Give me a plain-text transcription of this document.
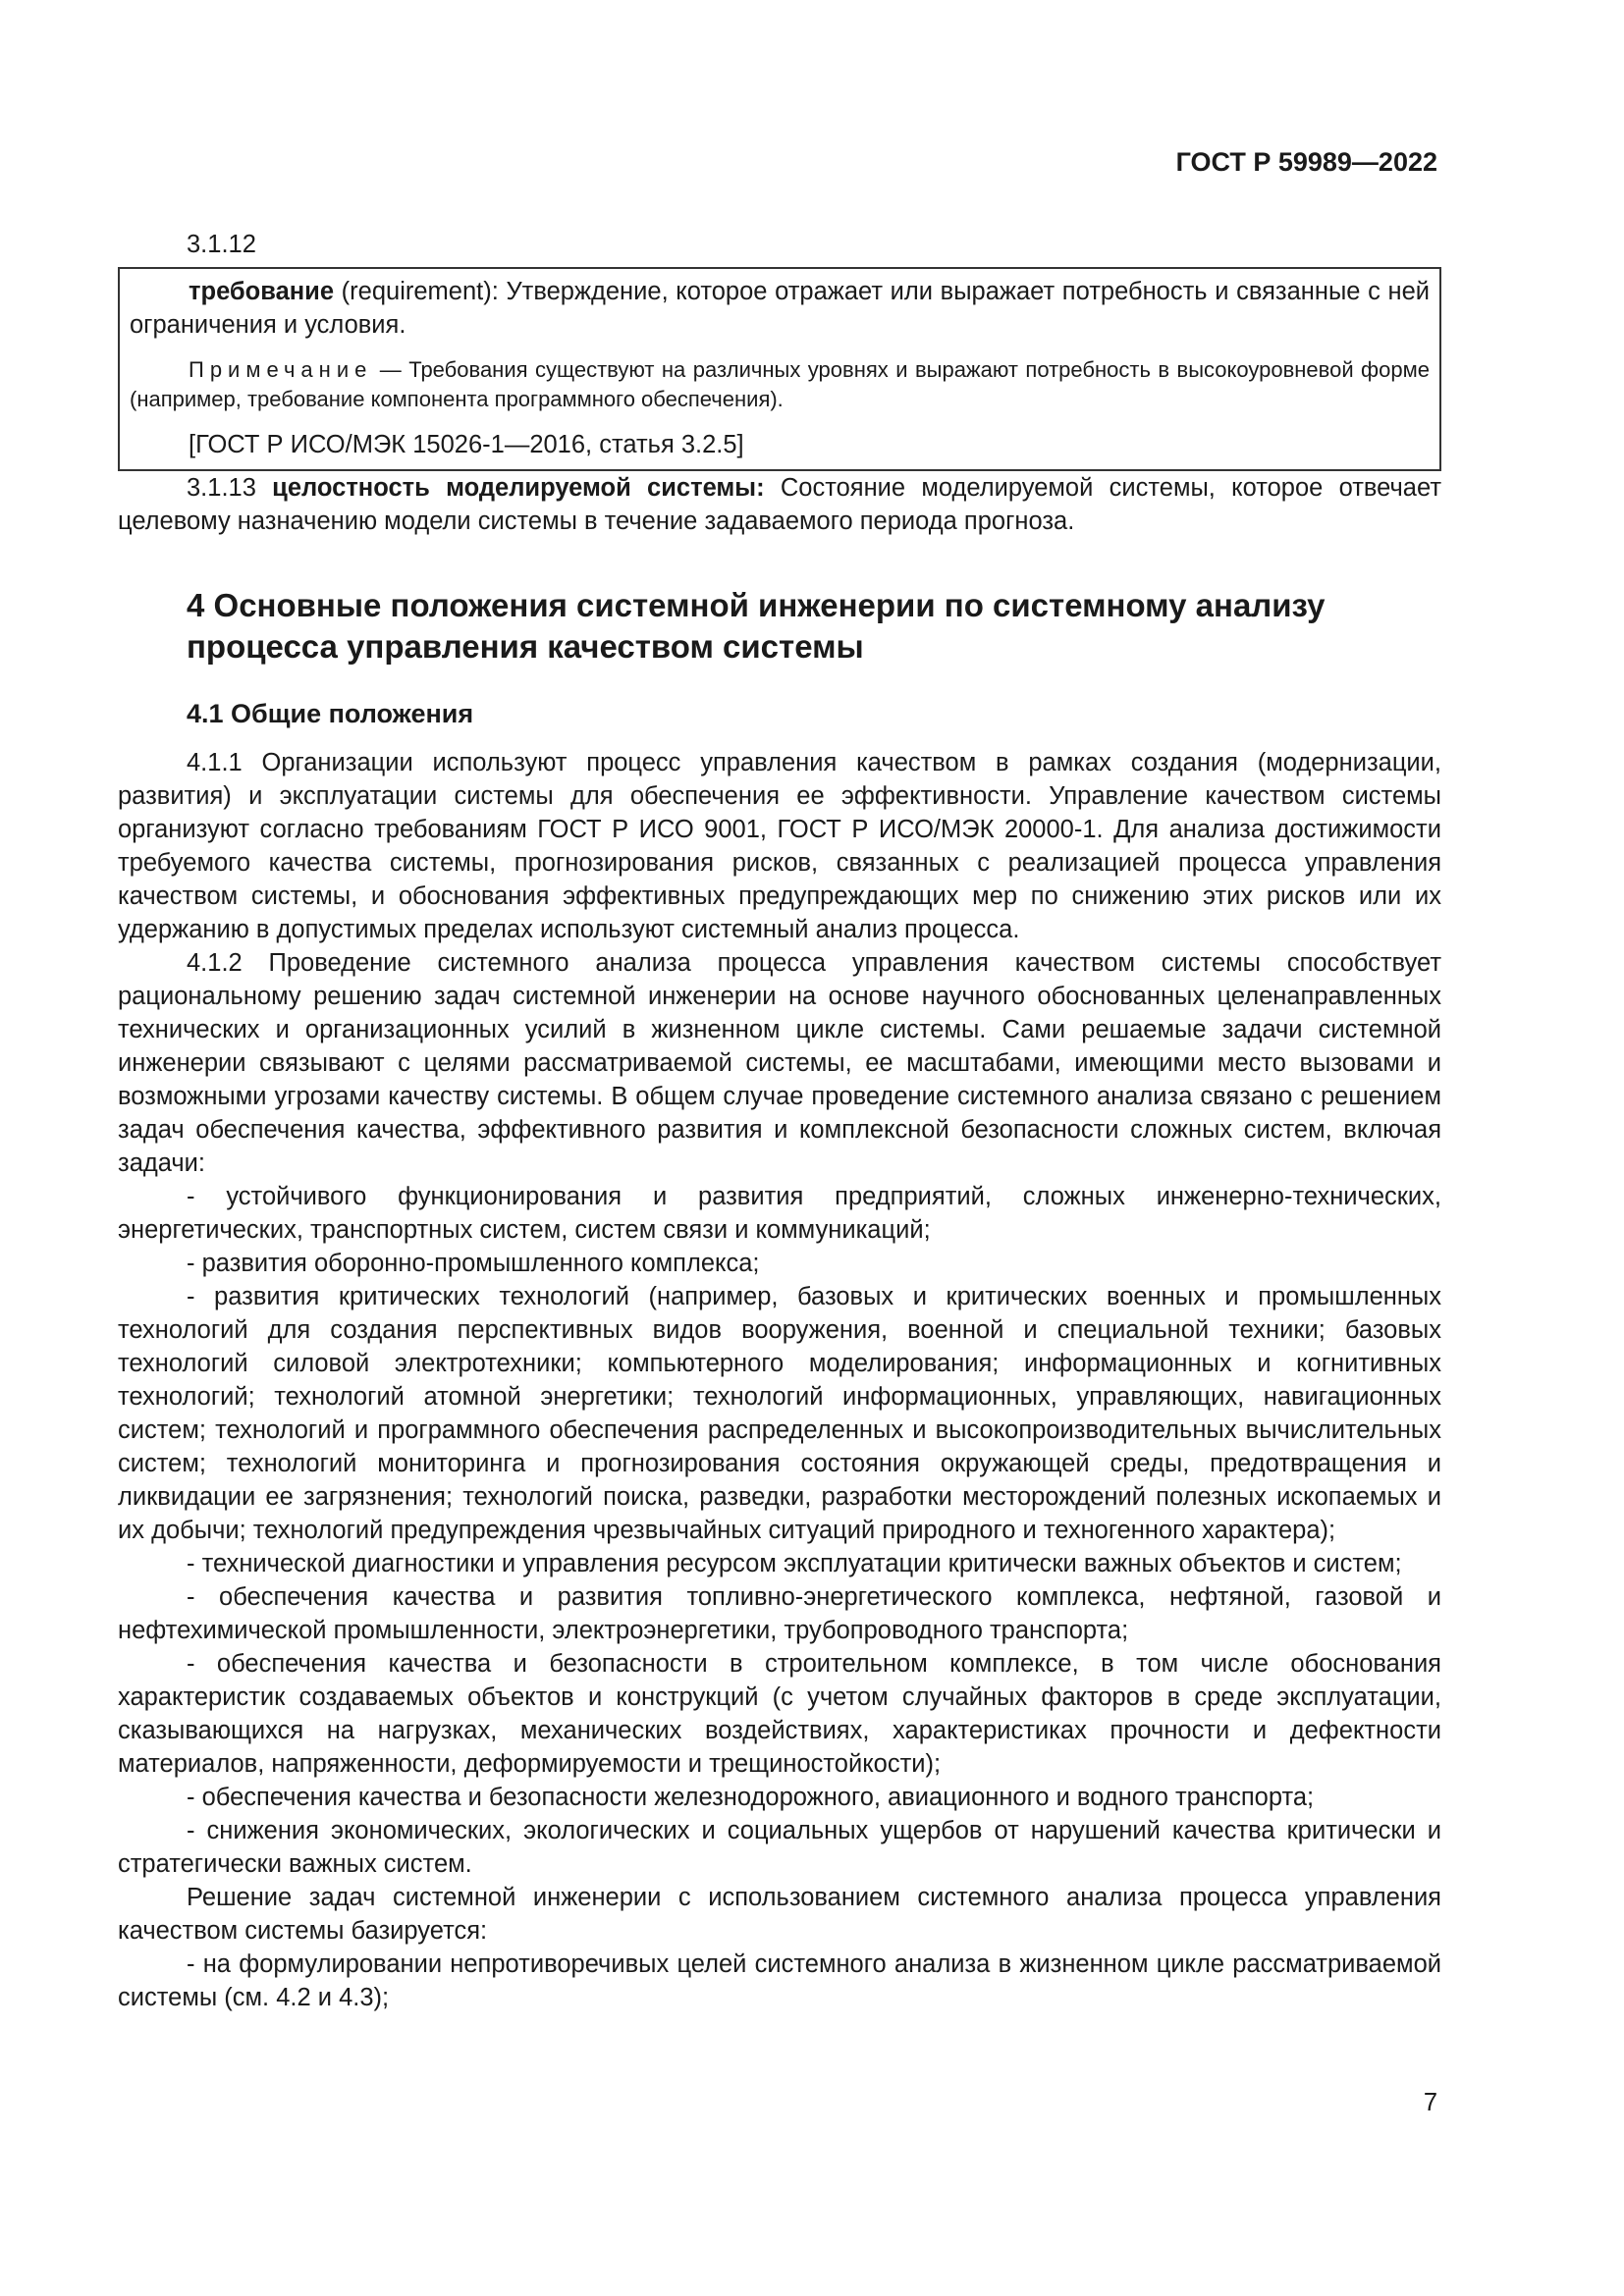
ГОСТ Р 59989—2022
3.1.12
требование (requirement): Утверждение, которое отражает или выражает потребность и связанные с ней ограничения и условия.
Примечание — Требования существуют на различных уровнях и выражают потребность в высокоуровневой форме (например, требование компонента программного обеспечения).
[ГОСТ Р ИСО/МЭК 15026-1—2016, статья 3.2.5]

3.1.13 целостность моделируемой системы: Состояние моделируемой системы, которое отвечает целевому назначению модели системы в течение задаваемого периода прогноза.

4 Основные положения системной инженерии по системному анализу процесса управления качеством системы
4.1 Общие положения

4.1.1 Организации используют процесс управления качеством в рамках создания (модернизации, развития) и эксплуатации системы для обеспечения ее эффективности. Управление качеством системы организуют согласно требованиям ГОСТ Р ИСО 9001, ГОСТ Р ИСО/МЭК 20000-1. Для анализа достижимости требуемого качества системы, прогнозирования рисков, связанных с реализацией процесса управления качеством системы, и обоснования эффективных предупреждающих мер по снижению этих рисков или их удержанию в допустимых пределах используют системный анализ процесса.

4.1.2 Проведение системного анализа процесса управления качеством системы способствует рациональному решению задач системной инженерии на основе научного обоснованных целенаправленных технических и организационных усилий в жизненном цикле системы. Сами решаемые задачи системной инженерии связывают с целями рассматриваемой системы, ее масштабами, имеющими место вызовами и возможными угрозами качеству системы. В общем случае проведение системного анализа связано с решением задач обеспечения качества, эффективного развития и комплексной безопасности сложных систем, включая задачи:

- устойчивого функционирования и развития предприятий, сложных инженерно-технических, энергетических, транспортных систем, систем связи и коммуникаций;

- развития оборонно-промышленного комплекса;

- развития критических технологий (например, базовых и критических военных и промышленных технологий для создания перспективных видов вооружения, военной и специальной техники; базовых технологий силовой электротехники; компьютерного моделирования; информационных и когнитивных технологий; технологий атомной энергетики; технологий информационных, управляющих, навигационных систем; технологий и программного обеспечения распределенных и высокопроизводительных вычислительных систем; технологий мониторинга и прогнозирования состояния окружающей среды, предотвращения и ликвидации ее загрязнения; технологий поиска, разведки, разработки месторождений полезных ископаемых и их добычи; технологий предупреждения чрезвычайных ситуаций природного и техногенного характера);

- технической диагностики и управления ресурсом эксплуатации критически важных объектов и систем;

- обеспечения качества и развития топливно-энергетического комплекса, нефтяной, газовой и нефтехимической промышленности, электроэнергетики, трубопроводного транспорта;

- обеспечения качества и безопасности в строительном комплексе, в том числе обоснования характеристик создаваемых объектов и конструкций (с учетом случайных факторов в среде эксплуатации, сказывающихся на нагрузках, механических воздействиях, характеристиках прочности и дефектности материалов, напряженности, деформируемости и трещиностойкости);

- обеспечения качества и безопасности железнодорожного, авиационного и водного транспорта;

- снижения экономических, экологических и социальных ущербов от нарушений качества критически и стратегически важных систем.

Решение задач системной инженерии с использованием системного анализа процесса управления качеством системы базируется:

- на формулировании непротиворечивых целей системного анализа в жизненном цикле рассматриваемой системы (см. 4.2 и 4.3);

7
